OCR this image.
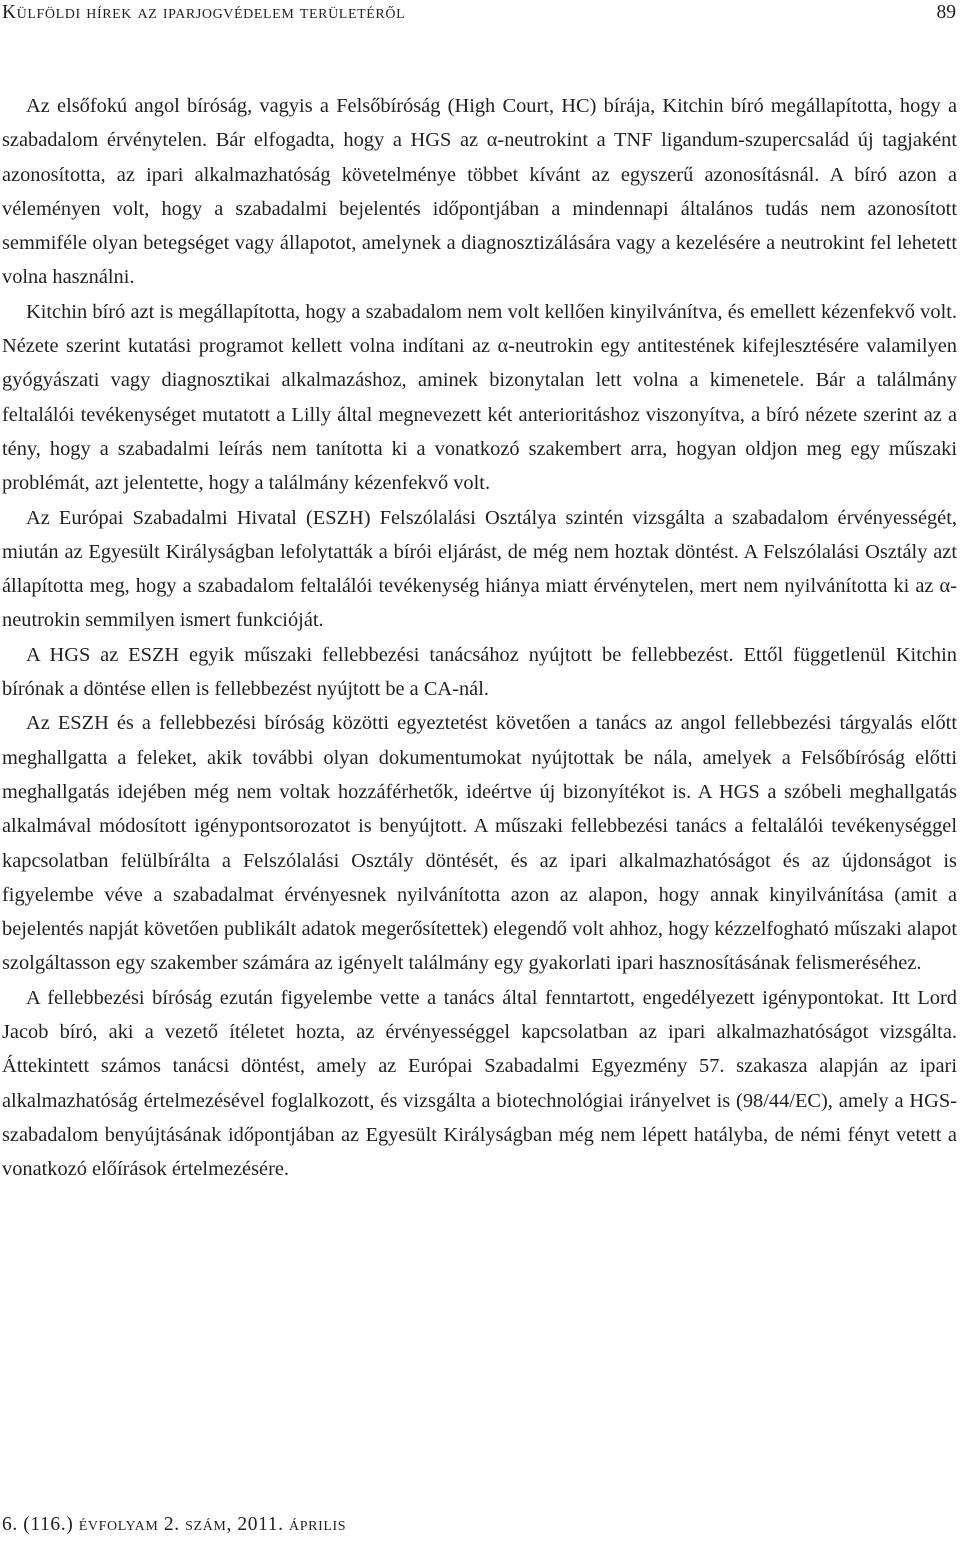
Külföldi hírek az iparjogvédelem területéről	89

Az elsőfokú angol bíróság, vagyis a Felsőbíróság (High Court, HC) bírája, Kitchin bíró megállapította, hogy a szabadalom érvénytelen. Bár elfogadta, hogy a HGS az α-neutrokint a TNF ligandum-szupercsalád új tagjaként azonosította, az ipari alkalmazhatóság követelménye többet kívánt az egyszerű azonosításnál. A bíró azon a véleményen volt, hogy a szabadalmi bejelentés időpontjában a mindennapi általános tudás nem azonosított semmiféle olyan betegséget vagy állapotot, amelynek a diagnosztizálására vagy a kezelésére a neutrokint fel lehetett volna használni.

Kitchin bíró azt is megállapította, hogy a szabadalom nem volt kellően kinyilvánítva, és emellett kézenfekvő volt. Nézete szerint kutatási programot kellett volna indítani az α-neutrokin egy antitestének kifejlesztésére valamilyen gyógyászati vagy diagnosztikai alkalmazáshoz, aminek bizonytalan lett volna a kimenetele. Bár a találmány feltalálói tevékenységet mutatott a Lilly által megnevezett két anterioritáshoz viszonyítva, a bíró nézete szerint az a tény, hogy a szabadalmi leírás nem tanította ki a vonatkozó szakembert arra, hogyan oldjon meg egy műszaki problémát, azt jelentette, hogy a találmány kézenfekvő volt.

Az Európai Szabadalmi Hivatal (ESZH) Felszólalási Osztálya szintén vizsgálta a szabadalom érvényességét, miután az Egyesült Királyságban lefolytatták a bírói eljárást, de még nem hoztak döntést. A Felszólalási Osztály azt állapította meg, hogy a szabadalom feltalálói tevékenység hiánya miatt érvénytelen, mert nem nyilvánította ki az α-neutrokin semmilyen ismert funkcióját.

A HGS az ESZH egyik műszaki fellebbezési tanácsához nyújtott be fellebbezést. Ettől függetlenül Kitchin bírónak a döntése ellen is fellebbezést nyújtott be a CA-nál.

Az ESZH és a fellebbezési bíróság közötti egyeztetést követően a tanács az angol fellebbezési tárgyalás előtt meghallgatta a feleket, akik további olyan dokumentumokat nyújtottak be nála, amelyek a Felsőbíróság előtti meghallgatás idejében még nem voltak hozzáférhetők, ideértve új bizonyítékot is. A HGS a szóbeli meghallgatás alkalmával módosított igénypontsorozatot is benyújtott. A műszaki fellebbezési tanács a feltalálói tevékenységgel kapcsolatban felülbírálta a Felszólalási Osztály döntését, és az ipari alkalmazhatóságot és az újdonságot is figyelembe véve a szabadalmat érvényesnek nyilvánította azon az alapon, hogy annak kinyilvánítása (amit a bejelentés napját követően publikált adatok megerősítettek) elegendő volt ahhoz, hogy kézzelfogható műszaki alapot szolgáltasson egy szakember számára az igényelt találmány egy gyakorlati ipari hasznosításának felismeréséhez.

A fellebbezési bíróság ezután figyelembe vette a tanács által fenntartott, engedélyezett igénypontokat. Itt Lord Jacob bíró, aki a vezető ítéletet hozta, az érvényességgel kapcsolatban az ipari alkalmazhatóságot vizsgálta. Áttekintett számos tanácsi döntést, amely az Európai Szabadalmi Egyezmény 57. szakasza alapján az ipari alkalmazhatóság értelmezésével foglalkozott, és vizsgálta a biotechnológiai irányelvet is (98/44/EC), amely a HGS-szabadalom benyújtásának időpontjában az Egyesült Királyságban még nem lépett hatályba, de némi fényt vetett a vonatkozó előírások értelmezésére.

6. (116.) évfolyam 2. szám, 2011. április
